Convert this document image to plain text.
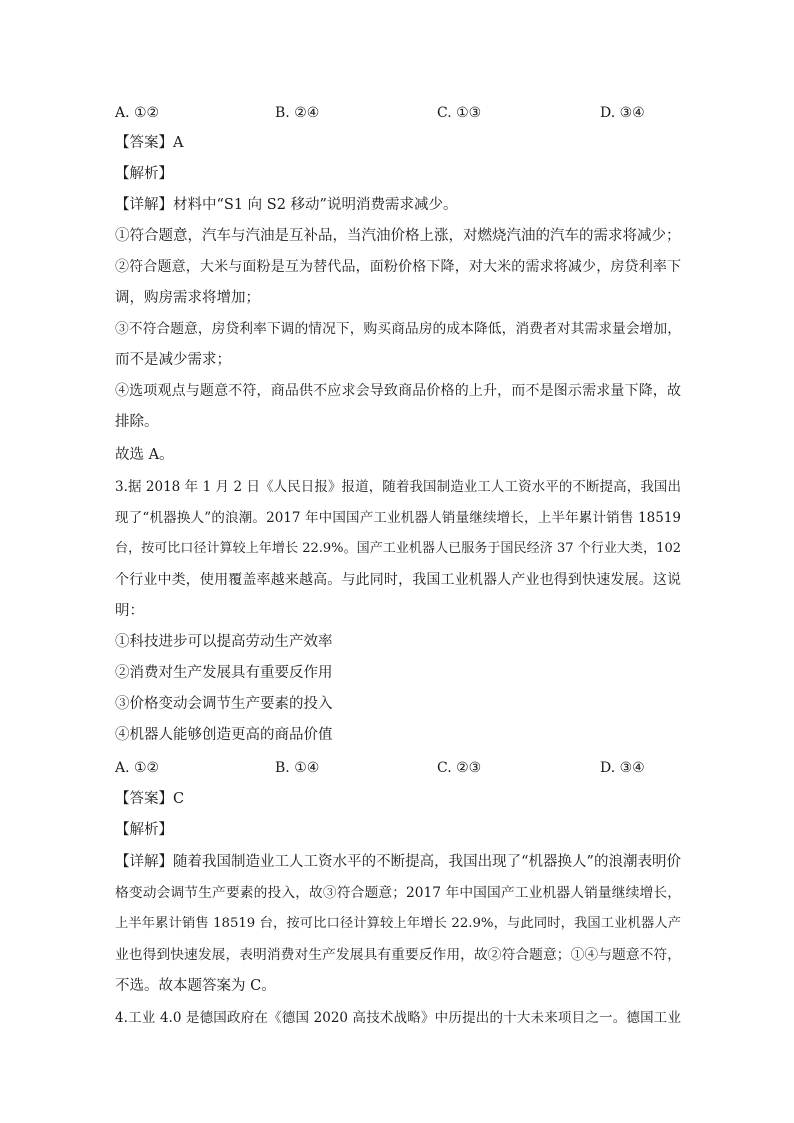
A. ①②	B. ②④	C. ①③	D. ③④
【答案】A
【解析】
【详解】材料中“S1 向 S2 移动”说明消费需求减少。
①符合题意，汽车与汽油是互补品，当汽油价格上涨，对燃烧汽油的汽车的需求将减少；
②符合题意，大米与面粉是互为替代品，面粉价格下降，对大米的需求将减少，房贷利率下
调，购房需求将增加；
③不符合题意，房贷利率下调的情况下，购买商品房的成本降低，消费者对其需求量会增加，
而不是减少需求；
④选项观点与题意不符，商品供不应求会导致商品价格的上升，而不是图示需求量下降，故
排除。
故选 A。
3.据 2018 年 1 月 2 日《人民日报》报道，随着我国制造业工人工资水平的不断提高，我国出
现了“机器换人”的浪潮。2017 年中国国产工业机器人销量继续增长，上半年累计销售 18519
台，按可比口径计算较上年增长 22.9%。国产工业机器人已服务于国民经济 37 个行业大类，102
个行业中类，使用覆盖率越来越高。与此同时，我国工业机器人产业也得到快速发展。这说
明：
①科技进步可以提高劳动生产效率
②消费对生产发展具有重要反作用
③价格变动会调节生产要素的投入
④机器人能够创造更高的商品价值
A. ①②	B. ①④	C. ②③	D. ③④
【答案】C
【解析】
【详解】随着我国制造业工人工资水平的不断提高，我国出现了“机器换人”的浪潮表明价
格变动会调节生产要素的投入，故③符合题意；2017 年中国国产工业机器人销量继续增长，
上半年累计销售 18519 台，按可比口径计算较上年增长 22.9%，与此同时，我国工业机器人产
业也得到快速发展，表明消费对生产发展具有重要反作用，故②符合题意；①④与题意不符，
不选。故本题答案为 C。
4.工业 4.0 是德国政府在《德国 2020 高技术战略》中历提出的十大未来项目之一。德国工业
